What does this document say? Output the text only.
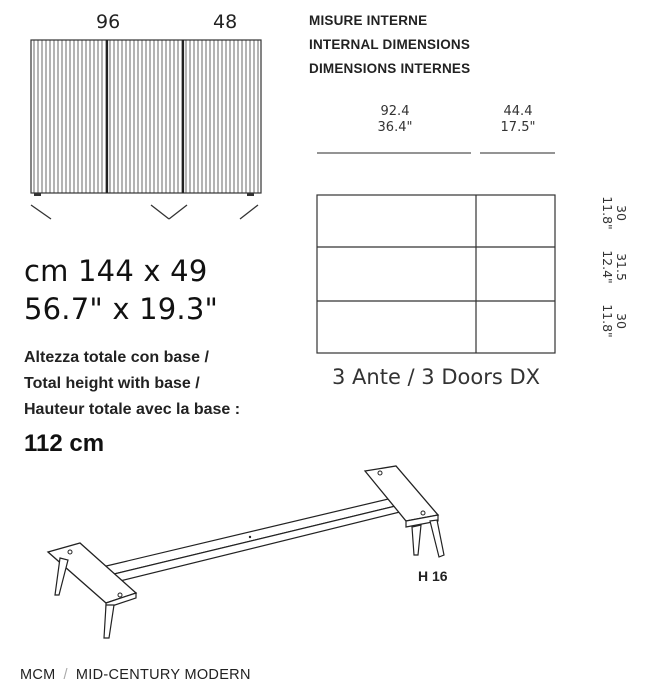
96	48	MISURE INTERNE
INTERNAL DIMENSIONS
DIMENSIONS INTERNES
92.4
36.4"
44.4
17.5"
30
11.8"
31.5
12.4"
30
11.8"
3 Ante / 3 Doors DX
cm 144 x 49
56.7" x 19.3"
Altezza totale con base /
Total height with base /
Hauteur totale avec la base :
112 cm
H 16
MCM / MID-CENTURY MODERN
